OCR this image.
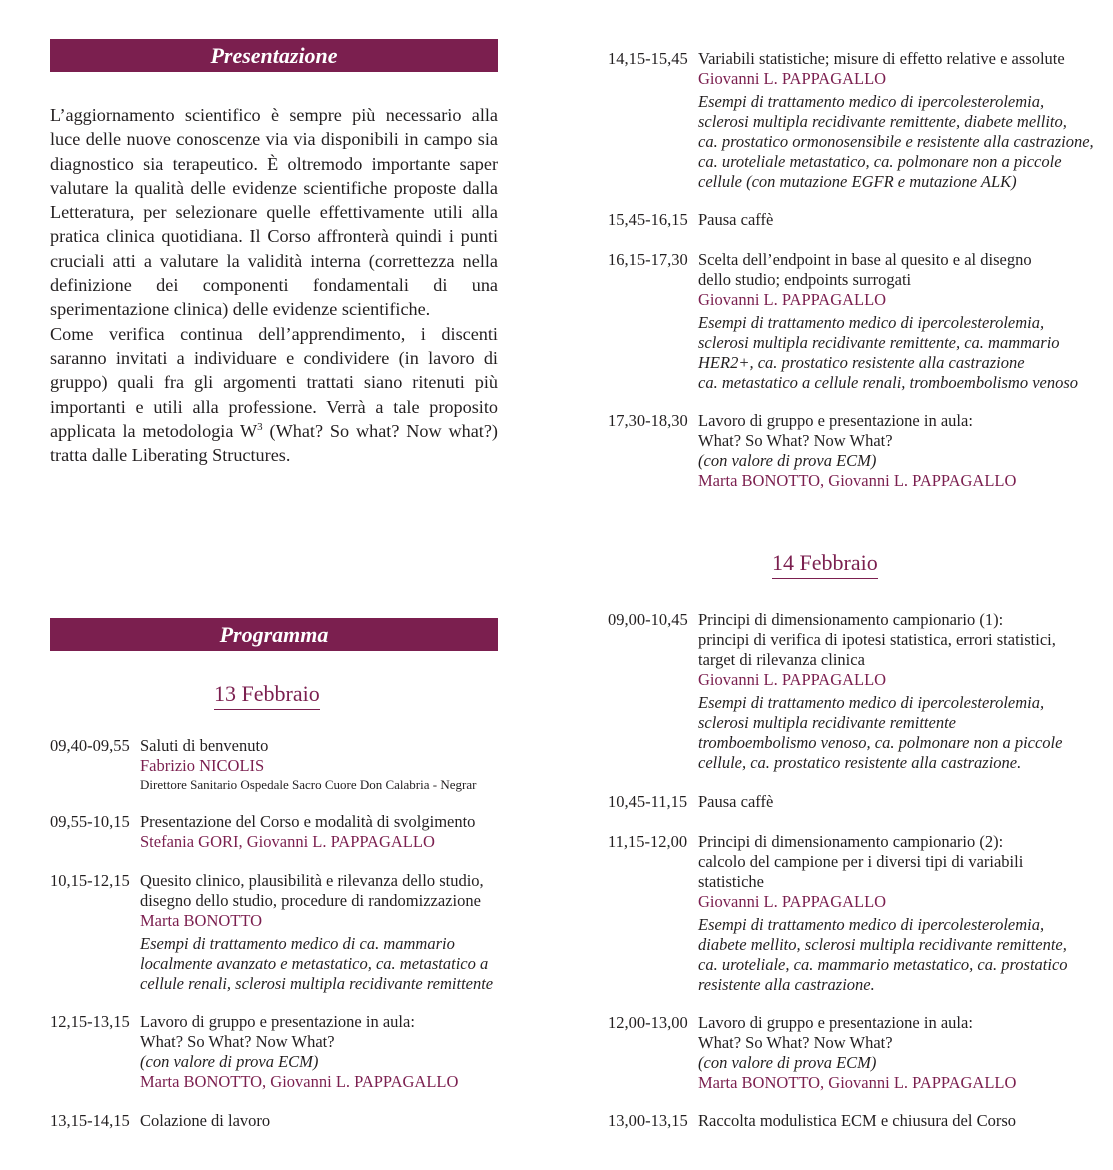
Presentazione

L’aggiornamento scientifico è sempre più necessario alla luce delle nuove conoscenze via via disponibili in campo sia diagnostico sia terapeutico. È oltremodo importante saper valutare la qualità delle evidenze scientifiche proposte dalla Letteratura, per selezionare quelle effettivamente utili alla pratica clinica quotidiana. Il Corso affronterà quindi i punti cruciali atti a valutare la validità interna (correttezza nella definizione dei componenti fondamentali di una sperimentazione clinica) delle evidenze scientifiche.

Come verifica continua dell’apprendimento, i discenti saranno invitati a individuare e condividere (in lavoro di gruppo) quali fra gli argomenti trattati siano ritenuti più importanti e utili alla professione. Verrà a tale proposito applicata la metodologia $W^3$ (What? So what? Now what?) tratta dalle Liberating Structures.

Programma
13 Febbraio
09,40-09,55 Saluti di benvenuto
Fabrizio NICOLIS
Direttore Sanitario Ospedale Sacro Cuore Don Calabria - Negrar
09,55-10,15 Presentazione del Corso e modalità di svolgimento
Stefania GORI, Giovanni L. PAPPAGALLO
10,15-12,15 Quesito clinico, plausibilità e rilevanza dello studio,
disegno dello studio, procedure di randomizzazione
Marta BONOTTO
Esempi di trattamento medico di ca. mammario
localmente avanzato e metastatico, ca. metastatico a
cellule renali, sclerosi multipla recidivante remittente
12,15-13,15 Lavoro di gruppo e presentazione in aula:
What? So What? Now What?
(con valore di prova ECM)
Marta BONOTTO, Giovanni L. PAPPAGALLO
13,15-14,15 Colazione di lavoro
14,15-15,45 Variabili statistiche; misure di effetto relative e assolute
Giovanni L. PAPPAGALLO
Esempi di trattamento medico di ipercolesterolemia,
sclerosi multipla recidivante remittente, diabete mellito,
ca. prostatico ormonosensibile e resistente alla castrazione,
ca. uroteliale metastatico, ca. polmonare non a piccole
cellule (con mutazione EGFR e mutazione ALK)
15,45-16,15 Pausa caffè
16,15-17,30 Scelta dell’endpoint in base al quesito e al disegno
dello studio; endpoints surrogati
Giovanni L. PAPPAGALLO
Esempi di trattamento medico di ipercolesterolemia,
sclerosi multipla recidivante remittente, ca. mammario
HER2+, ca. prostatico resistente alla castrazione
ca. metastatico a cellule renali, tromboembolismo venoso
17,30-18,30 Lavoro di gruppo e presentazione in aula:
What? So What? Now What?
(con valore di prova ECM)
Marta BONOTTO, Giovanni L. PAPPAGALLO
14 Febbraio
09,00-10,45 Principi di dimensionamento campionario (1):
principi di verifica di ipotesi statistica, errori statistici,
target di rilevanza clinica
Giovanni L. PAPPAGALLO
Esempi di trattamento medico di ipercolesterolemia,
sclerosi multipla recidivante remittente
tromboembolismo venoso, ca. polmonare non a piccole
cellule, ca. prostatico resistente alla castrazione.
10,45-11,15 Pausa caffè
11,15-12,00 Principi di dimensionamento campionario (2):
calcolo del campione per i diversi tipi di variabili
statistiche
Giovanni L. PAPPAGALLO
Esempi di trattamento medico di ipercolesterolemia,
diabete mellito, sclerosi multipla recidivante remittente,
ca. uroteliale, ca. mammario metastatico, ca. prostatico
resistente alla castrazione.
12,00-13,00 Lavoro di gruppo e presentazione in aula:
What? So What? Now What?
(con valore di prova ECM)
Marta BONOTTO, Giovanni L. PAPPAGALLO
13,00-13,15 Raccolta modulistica ECM e chiusura del Corso
